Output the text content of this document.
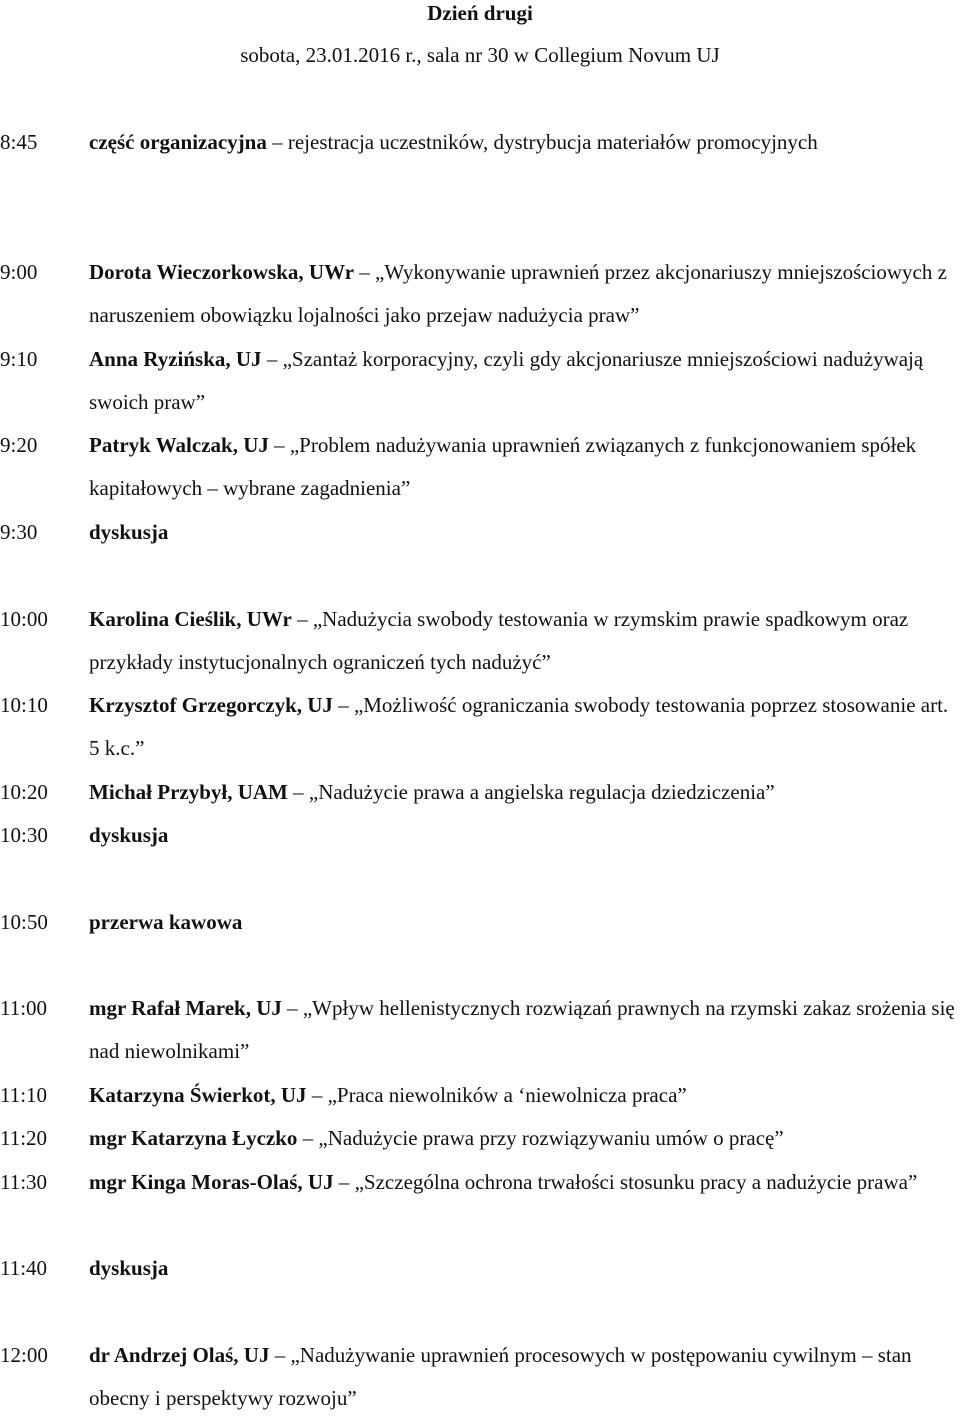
Dzień drugi
sobota, 23.01.2016 r., sala nr 30 w Collegium Novum UJ
8:45	część organizacyjna – rejestracja uczestników, dystrybucja materiałów promocyjnych
9:00	Dorota Wieczorkowska, UWr – „Wykonywanie uprawnień przez akcjonariuszy mniejszościowych z naruszeniem obowiązku lojalności jako przejaw nadużycia praw”
9:10	Anna Ryzińska, UJ – „Szantaż korporacyjny, czyli gdy akcjonariusze mniejszościowi nadużywają swoich praw”
9:20	Patryk Walczak, UJ – „Problem nadużywania uprawnień związanych z funkcjonowaniem spółek kapitałowych – wybrane zagadnienia”
9:30	dyskusja
10:00	Karolina Cieślik, UWr – „Nadużycia swobody testowania w rzymskim prawie spadkowym oraz przykłady instytucjonalnych ograniczeń tych nadużyć”
10:10	Krzysztof Grzegorczyk, UJ – „Możliwość ograniczania swobody testowania poprzez stosowanie art. 5 k.c.”
10:20	Michał Przybył, UAM – „Nadużycie prawa a angielska regulacja dziedziczenia”
10:30	dyskusja
10:50	przerwa kawowa
11:00	mgr Rafał Marek, UJ – „Wpływ hellenistycznych rozwiązań prawnych na rzymski zakaz srożenia się nad niewolnikami”
11:10	Katarzyna Świerkot, UJ – „Praca niewolników a ‘niewolnicza praca”
11:20	mgr Katarzyna Łyczko – „Nadużycie prawa przy rozwiązywaniu umów o pracę”
11:30	mgr Kinga Moras-Olaś, UJ – „Szczególna ochrona trwałości stosunku pracy a nadużycie prawa”
11:40	dyskusja
12:00	dr Andrzej Olaś, UJ – „Nadużywanie uprawnień procesowych w postępowaniu cywilnym – stan obecny i perspektywy rozwoju”
